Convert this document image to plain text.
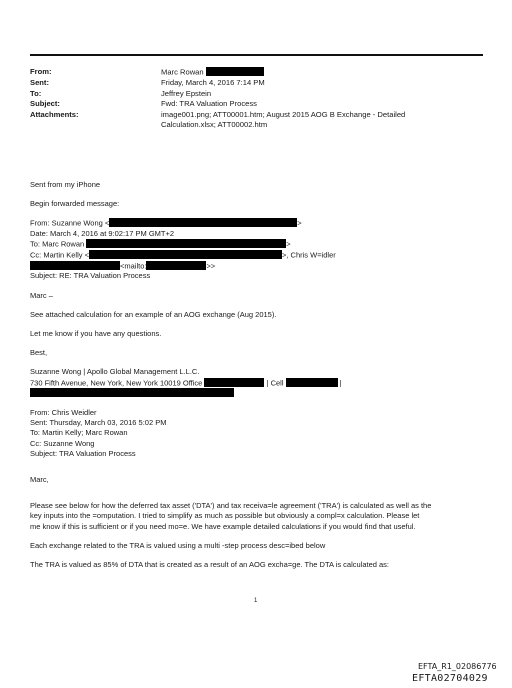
From:	Marc Rowan
Sent:	Friday, March 4, 2016 7:14 PM
To:	Jeffrey Epstein
Subject:	Fwd: TRA Valuation Process
Attachments:	image001.png; ATT00001.htm; August 2015 AOG B Exchange - Detailed
Calculation.xlsx; ATT00002.htm

Sent from my iPhone

Begin forwarded message:

From: Suzanne Wong <	>

Date: March 4, 2016 at 9:02:17 PM GMT+2

To: Marc Rowan	>

Cc: Martin Kelly <	>, Chris W=idler

<mailto:	>>

Subject: RE: TRA Valuation Process

Marc –

See attached calculation for an example of an AOG exchange (Aug 2015).

Let me know if you have any questions.

Best,

Suzanne Wong | Apollo Global Management L.L.C.

730 Fifth Avenue, New York, New York 10019 Office	| Cell	|

From: Chris Weidler

Sent: Thursday, March 03, 2016 5:02 PM

To: Martin Kelly; Marc Rowan

Cc: Suzanne Wong

Subject: TRA Valuation Process

Marc,

Please see below for how the deferred tax asset ('DTA') and tax receiva=le agreement ('TRA') is calculated as well as the

key inputs into the =omputation. I tried to simplify as much as possible but obviously a compl=x calculation. Please let

me know if this is sufficient or if you need mo=e. We have example detailed calculations if you would find that useful.

Each exchange related to the TRA is valued using a multi -step process desc=ibed below

The TRA is valued as 85% of DTA that is created as a result of an AOG excha=ge. The DTA is calculated as:

1
EFTA_R1_02086776
EFTA02704029
